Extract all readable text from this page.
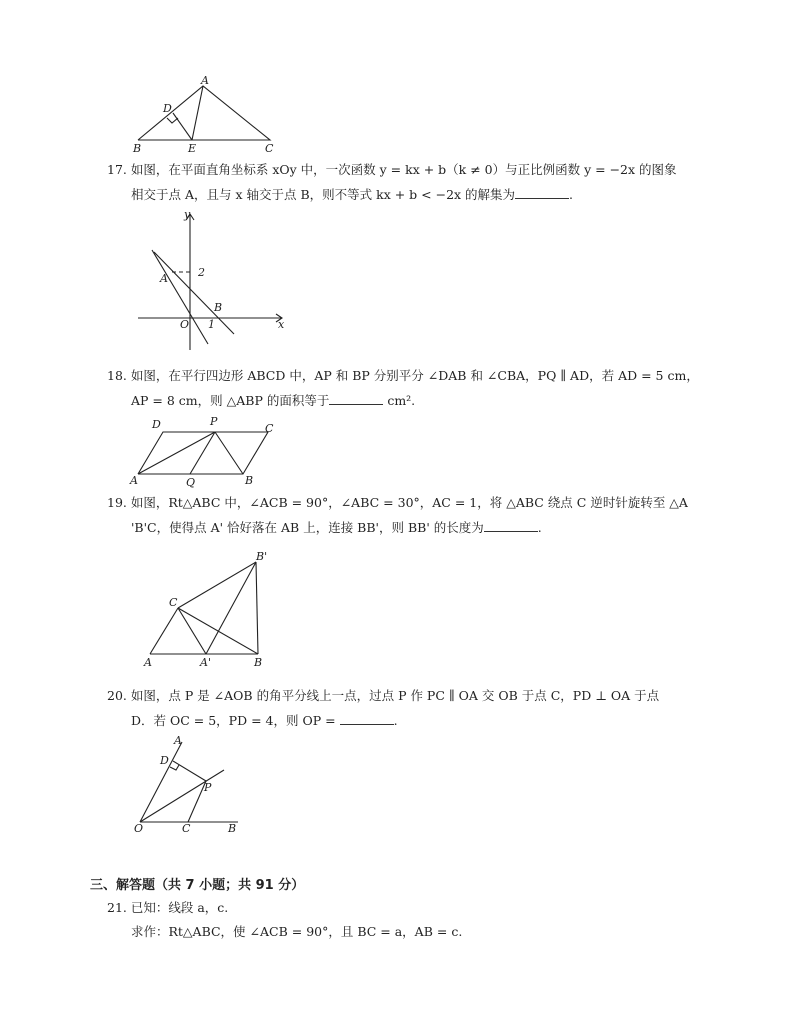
A
B	C
D
E
17. 如图，在平面直角坐标系 xOy 中，一次函数 y = kx + b（k ≠ 0）与正比例函数 y = −2x 的图象
相交于点 A，且与 x 轴交于点 B，则不等式 kx + b < −2x 的解集为	.
y
x
A
B
O
2
1
18. 如图，在平行四边形 ABCD 中，AP 和 BP 分别平分 ∠DAB 和 ∠CBA，PQ ∥ AD，若 AD = 5 cm，
AP = 8 cm，则 △ABP 的面积等于	cm².
D	P
C
A	Q	B
19. 如图，Rt△ABC 中，∠ACB = 90°，∠ABC = 30°，AC = 1，将 △ABC 绕点 C 逆时针旋转至 △A
'B'C，使得点 A' 恰好落在 AB 上，连接 BB'，则 BB' 的长度为	.
B'
C
A	A'	B
20. 如图，点 P 是 ∠AOB 的角平分线上一点，过点 P 作 PC ∥ OA 交 OB 于点 C，PD ⊥ OA 于点
D．若 OC = 5，PD = 4，则 OP =	.
A
D
P
O	C	B
三、解答题（共 7 小题；共 91 分）
21. 已知：线段 a，c.
求作：Rt△ABC，使 ∠ACB = 90°，且 BC = a，AB = c.
